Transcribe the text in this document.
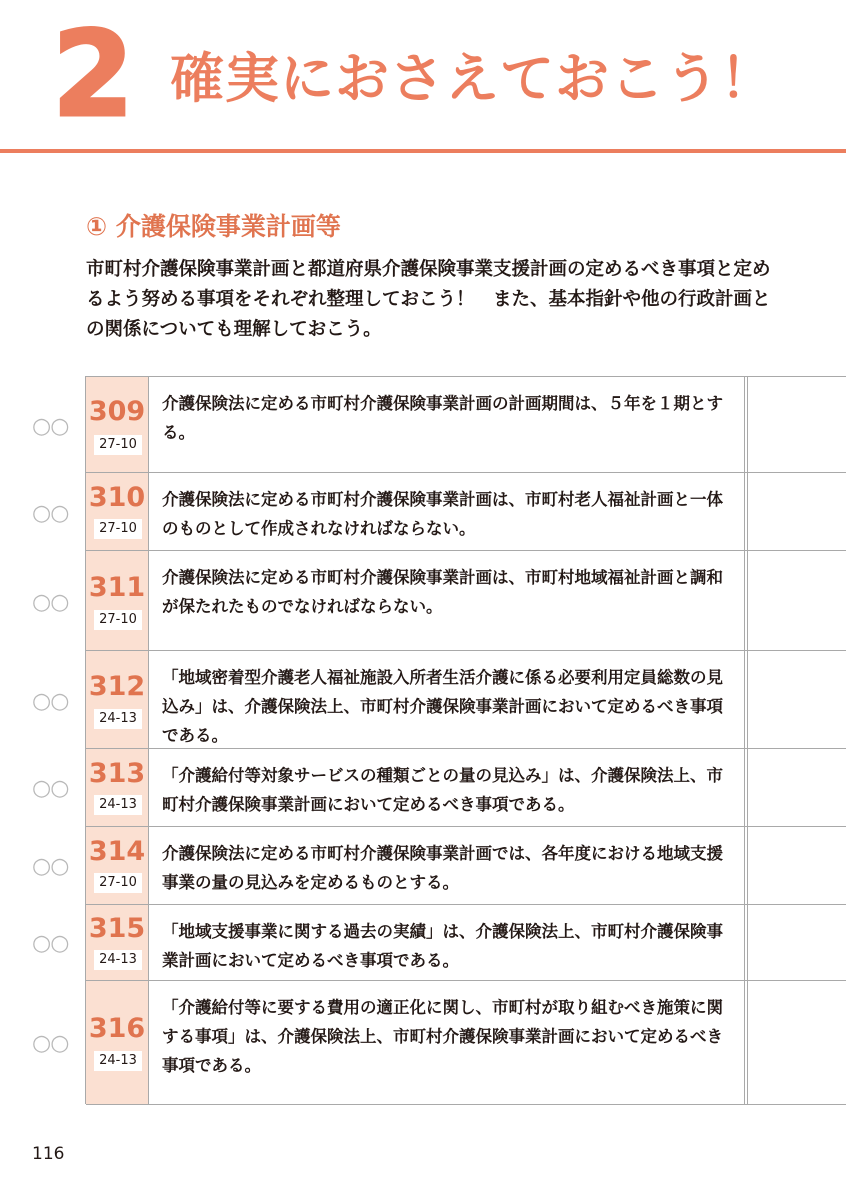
2 確実におさえておこう！
① 介護保険事業計画等
市町村介護保険事業計画と都道府県介護保険事業支援計画の定めるべき事項と定めるよう努める事項をそれぞれ整理しておこう！　また、基本指針や他の行政計画との関係についても理解しておこう。
○○ 309
27-10
介護保険法に定める市町村介護保険事業計画の計画期間は、５年を１期とする。
○○
310
27-10
介護保険法に定める市町村介護保険事業計画は、市町村老人福祉計画と一体のものとして作成されなければならない。
○○ 311
27-10
介護保険法に定める市町村介護保険事業計画は、市町村地域福祉計画と調和が保たれたものでなければならない。
○○ 312
24-13
「地域密着型介護老人福祉施設入所者生活介護に係る必要利用定員総数の見込み」は、介護保険法上、市町村介護保険事業計画において定めるべき事項である。
○○ 313
24-13
「介護給付等対象サービスの種類ごとの量の見込み」は、介護保険法上、市町村介護保険事業計画において定めるべき事項である。
○○ 314
27-10
介護保険法に定める市町村介護保険事業計画では、各年度における地域支援事業の量の見込みを定めるものとする。
○○ 315
24-13
「地域支援事業に関する過去の実績」は、介護保険法上、市町村介護保険事業計画において定めるべき事項である。
○○ 316
24-13
「介護給付等に要する費用の適正化に関し、市町村が取り組むべき施策に関する事項」は、介護保険法上、市町村介護保険事業計画において定めるべき事項である。
116
